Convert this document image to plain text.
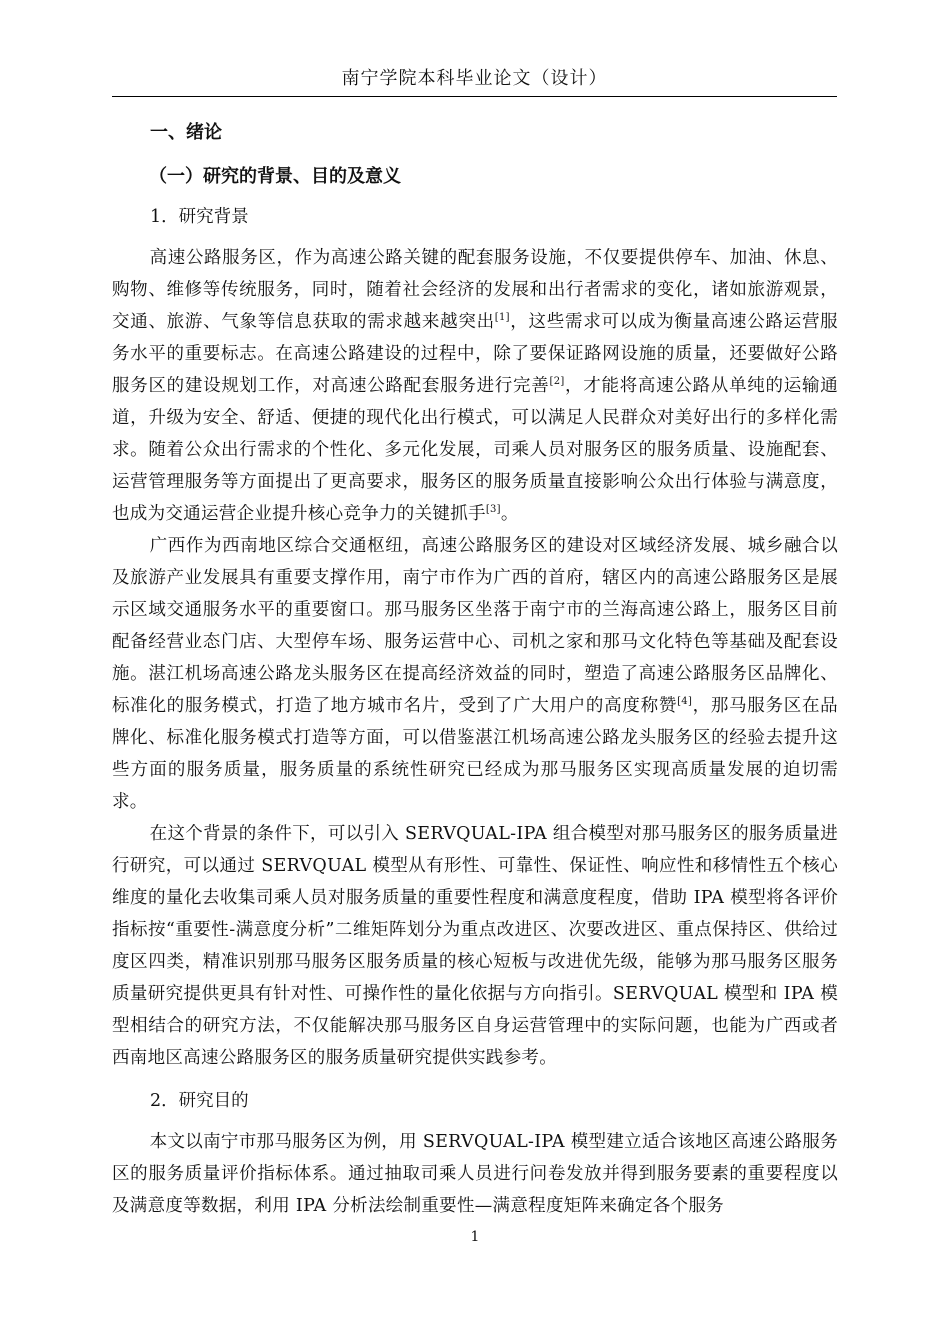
南宁学院本科毕业论文（设计）
一、绪论
（一）研究的背景、目的及意义
1．研究背景

高速公路服务区，作为高速公路关键的配套服务设施，不仅要提供停车、加油、休息、购物、维修等传统服务，同时，随着社会经济的发展和出行者需求的变化，诸如旅游观景，交通、旅游、气象等信息获取的需求越来越突出[1]，这些需求可以成为衡量高速公路运营服务水平的重要标志。在高速公路建设的过程中，除了要保证路网设施的质量，还要做好公路服务区的建设规划工作，对高速公路配套服务进行完善[2]，才能将高速公路从单纯的运输通道，升级为安全、舒适、便捷的现代化出行模式，可以满足人民群众对美好出行的多样化需求。随着公众出行需求的个性化、多元化发展，司乘人员对服务区的服务质量、设施配套、运营管理服务等方面提出了更高要求，服务区的服务质量直接影响公众出行体验与满意度，也成为交通运营企业提升核心竞争力的关键抓手[3]。

广西作为西南地区综合交通枢纽，高速公路服务区的建设对区域经济发展、城乡融合以及旅游产业发展具有重要支撑作用，南宁市作为广西的首府，辖区内的高速公路服务区是展示区域交通服务水平的重要窗口。那马服务区坐落于南宁市的兰海高速公路上，服务区目前配备经营业态门店、大型停车场、服务运营中心、司机之家和那马文化特色等基础及配套设施。湛江机场高速公路龙头服务区在提高经济效益的同时，塑造了高速公路服务区品牌化、标准化的服务模式，打造了地方城市名片，受到了广大用户的高度称赞[4]，那马服务区在品牌化、标准化服务模式打造等方面，可以借鉴湛江机场高速公路龙头服务区的经验去提升这些方面的服务质量，服务质量的系统性研究已经成为那马服务区实现高质量发展的迫切需求。

在这个背景的条件下，可以引入 SERVQUAL-IPA 组合模型对那马服务区的服务质量进行研究，可以通过 SERVQUAL 模型从有形性、可靠性、保证性、响应性和移情性五个核心维度的量化去收集司乘人员对服务质量的重要性程度和满意度程度，借助 IPA 模型将各评价指标按“重要性-满意度分析”二维矩阵划分为重点改进区、次要改进区、重点保持区、供给过度区四类，精准识别那马服务区服务质量的核心短板与改进优先级，能够为那马服务区服务质量研究提供更具有针对性、可操作性的量化依据与方向指引。SERVQUAL 模型和 IPA 模型相结合的研究方法，不仅能解决那马服务区自身运营管理中的实际问题，也能为广西或者西南地区高速公路服务区的服务质量研究提供实践参考。

2．研究目的

本文以南宁市那马服务区为例，用 SERVQUAL-IPA 模型建立适合该地区高速公路服务区的服务质量评价指标体系。通过抽取司乘人员进行问卷发放并得到服务要素的重要程度以及满意度等数据，利用 IPA 分析法绘制重要性—满意程度矩阵来确定各个服务

1
